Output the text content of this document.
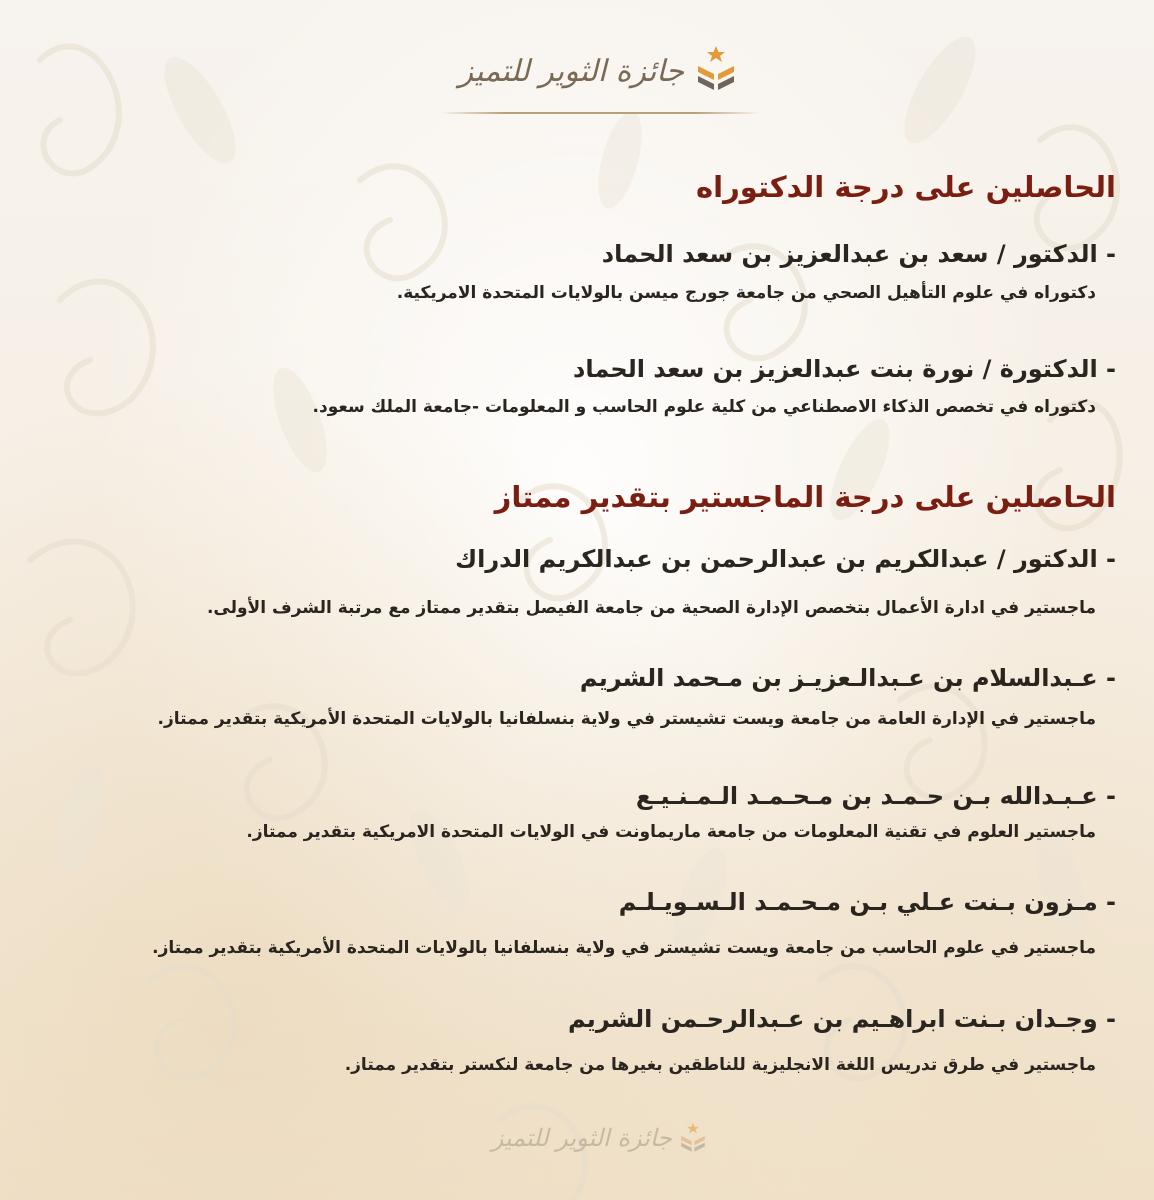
جائزة الثوير للتميز
الحاصلين على درجة الدكتوراه
- الدكتور / سعد بن عبدالعزيز بن سعد الحماد
دكتوراه في علوم التأهيل الصحي من جامعة جورج ميسن بالولايات المتحدة الامريكية.
- الدكتورة / نورة بنت عبدالعزيز بن سعد الحماد
دكتوراه في تخصص الذكاء الاصطناعي من كلية علوم الحاسب و المعلومات -جامعة الملك سعود.
الحاصلين على درجة الماجستير بتقدير ممتاز
- الدكتور / عبدالكريم بن عبدالرحمن بن عبدالكريم الدراك
ماجستير في ادارة الأعمال بتخصص الإدارة الصحية من جامعة الفيصل بتقدير ممتاز مع مرتبة الشرف الأولى.
- عـبدالسلام بن عـبدالـعزيـز بن مـحمد الشريم
ماجستير في الإدارة العامة من جامعة ويست تشيستر في ولاية بنسلفانيا بالولايات المتحدة الأمريكية بتقدير ممتاز.
- عـبـدالله بـن حـمـد بن مـحـمـد الـمـنـيـع
ماجستير العلوم في تقنية المعلومات من جامعة ماريماونت في الولايات المتحدة الامريكية بتقدير ممتاز.
- مـزون بـنت عـلي بـن مـحـمـد الـسـويـلـم
ماجستير في علوم الحاسب من جامعة ويست تشيستر في ولاية بنسلفانيا بالولايات المتحدة الأمريكية بتقدير ممتاز.
- وجـدان بـنت ابراهـيم بن عـبدالرحـمن الشريم
ماجستير في طرق تدريس اللغة الانجليزية للناطقين بغيرها من جامعة لنكستر بتقدير ممتاز.
جائزة الثوير للتميز
